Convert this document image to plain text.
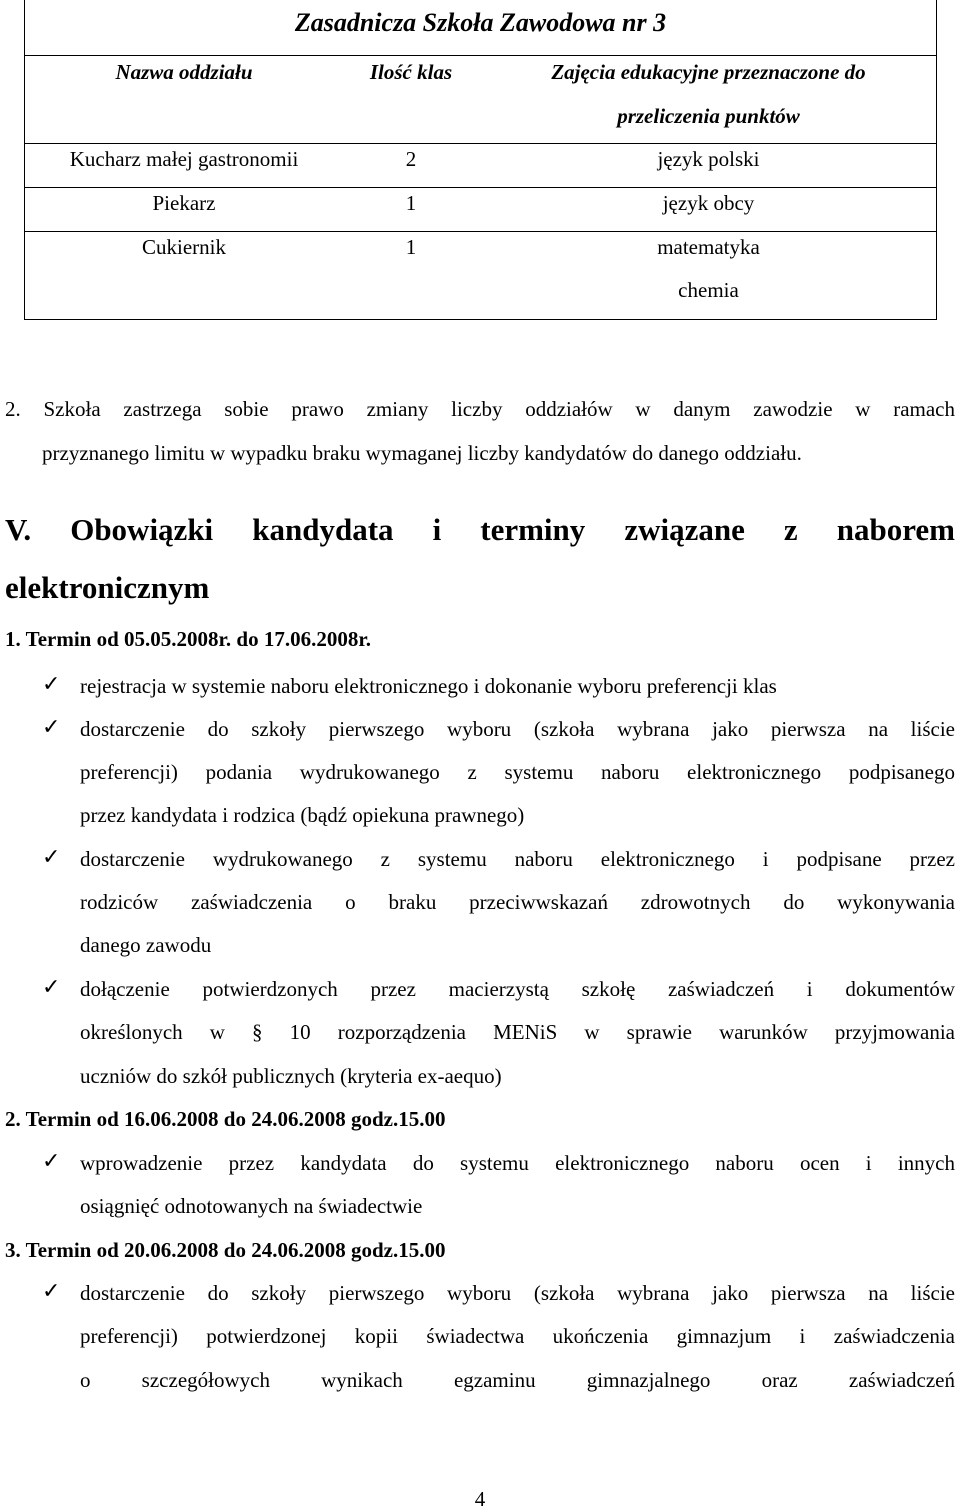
Zasadnicza Szkoła Zawodowa nr 3
Nazwa oddziału	Ilość klas	Zajęcia edukacyjne przeznaczone do
przeliczenia punktów
Kucharz małej gastronomii	2	język polski
Piekarz	1	język obcy
Cukiernik	1	matematyka
chemia
2. Szkoła zastrzega sobie prawo zmiany liczby oddziałów w danym zawodzie w ramach
przyznanego limitu w wypadku braku wymaganej liczby kandydatów do danego oddziału.
V. Obowiązki kandydata i terminy związane z naborem
elektronicznym
1. Termin od 05.05.2008r. do 17.06.2008r.
✓ rejestracja w systemie naboru elektronicznego i dokonanie wyboru preferencji klas
✓ dostarczenie do szkoły pierwszego wyboru (szkoła wybrana jako pierwsza na liście
preferencji) podania wydrukowanego z systemu naboru elektronicznego podpisanego
przez kandydata i rodzica (bądź opiekuna prawnego)
✓ dostarczenie wydrukowanego z systemu naboru elektronicznego i podpisane przez
rodziców zaświadczenia o braku przeciwwskazań zdrowotnych do wykonywania
danego zawodu
✓ dołączenie potwierdzonych przez macierzystą szkołę zaświadczeń i dokumentów
określonych w § 10 rozporządzenia MENiS w sprawie warunków przyjmowania
uczniów do szkół publicznych (kryteria ex-aequo)
2. Termin od 16.06.2008 do 24.06.2008 godz.15.00
✓ wprowadzenie przez kandydata do systemu elektronicznego naboru ocen i innych
osiągnięć odnotowanych na świadectwie
3. Termin od 20.06.2008 do 24.06.2008 godz.15.00
✓ dostarczenie do szkoły pierwszego wyboru (szkoła wybrana jako pierwsza na liście
preferencji) potwierdzonej kopii świadectwa ukończenia gimnazjum i zaświadczenia
o szczegółowych wynikach egzaminu gimnazjalnego oraz zaświadczeń
4
